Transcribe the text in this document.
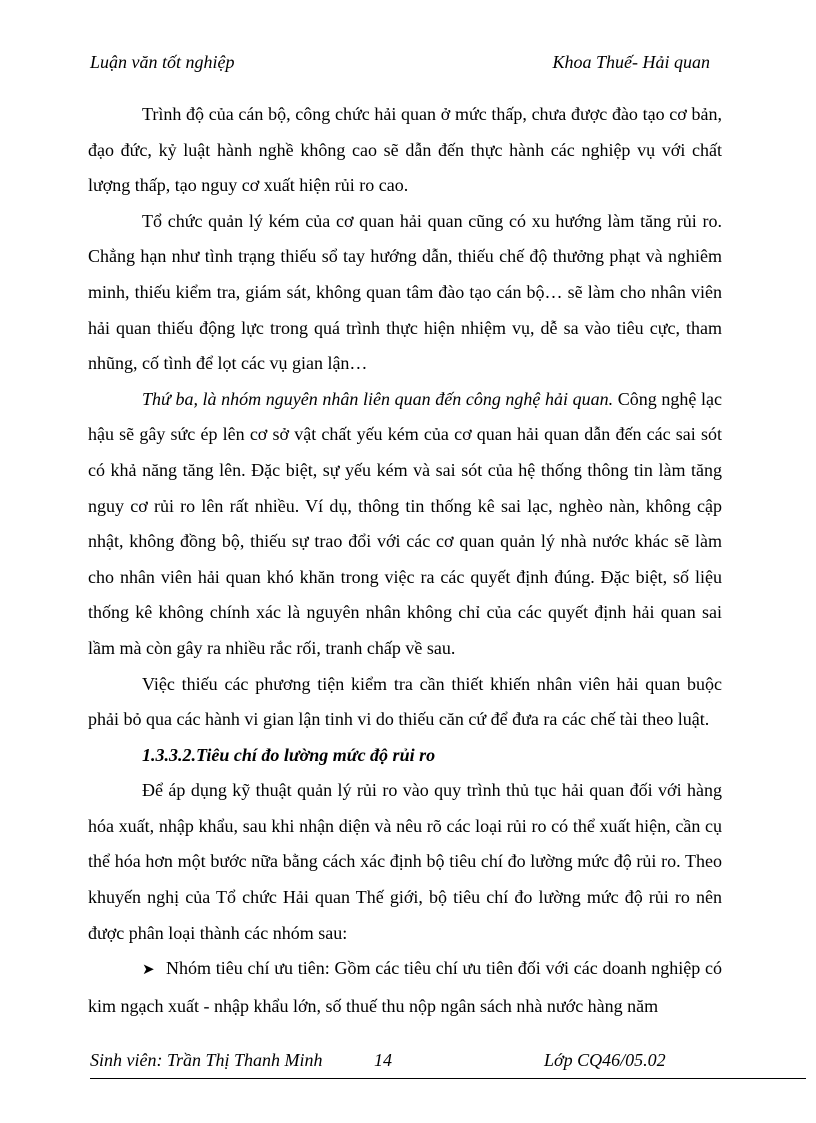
Luận văn tốt nghiệp	Khoa Thuế- Hải quan

Trình độ của cán bộ, công chức hải quan ở mức thấp, chưa được đào tạo cơ bản, đạo đức, kỷ luật hành nghề không cao sẽ dẫn đến thực hành các nghiệp vụ với chất lượng thấp, tạo nguy cơ xuất hiện rủi ro cao.

Tổ chức quản lý kém của cơ quan hải quan cũng có xu hướng làm tăng rủi ro. Chẳng hạn như tình trạng thiếu sổ tay hướng dẫn, thiếu chế độ thưởng phạt và nghiêm minh, thiếu kiểm tra, giám sát, không quan tâm đào tạo cán bộ… sẽ làm cho nhân viên hải quan thiếu động lực trong quá trình thực hiện nhiệm vụ, dễ sa vào tiêu cực, tham nhũng, cố tình để lọt các vụ gian lận…

Thứ ba, là nhóm nguyên nhân liên quan đến công nghệ hải quan. Công nghệ lạc hậu sẽ gây sức ép lên cơ sở vật chất yếu kém của cơ quan hải quan dẫn đến các sai sót có khả năng tăng lên. Đặc biệt, sự yếu kém và sai sót của hệ thống thông tin làm tăng nguy cơ rủi ro lên rất nhiều. Ví dụ, thông tin thống kê sai lạc, nghèo nàn, không cập nhật, không đồng bộ, thiếu sự trao đổi với các cơ quan quản lý nhà nước khác sẽ làm cho nhân viên hải quan khó khăn trong việc ra các quyết định đúng. Đặc biệt, số liệu thống kê không chính xác là nguyên nhân không chỉ của các quyết định hải quan sai lầm mà còn gây ra nhiều rắc rối, tranh chấp về sau.

Việc thiếu các phương tiện kiểm tra cần thiết khiến nhân viên hải quan buộc phải bỏ qua các hành vi gian lận tinh vi do thiếu căn cứ để đưa ra các chế tài theo luật.

1.3.3.2.Tiêu chí đo lường mức độ rủi ro

Để áp dụng kỹ thuật quản lý rủi ro vào quy trình thủ tục hải quan đối với hàng hóa xuất, nhập khẩu, sau khi nhận diện và nêu rõ các loại rủi ro có thể xuất hiện, cần cụ thể hóa hơn một bước nữa bằng cách xác định bộ tiêu chí đo lường mức độ rủi ro. Theo khuyến nghị của Tổ chức Hải quan Thế giới, bộ tiêu chí đo lường mức độ rủi ro nên được phân loại thành các nhóm sau:

➤ Nhóm tiêu chí ưu tiên: Gồm các tiêu chí ưu tiên đối với các doanh nghiệp có kim ngạch xuất - nhập khẩu lớn, số thuế thu nộp ngân sách nhà nước hàng năm

Sinh viên: Trần Thị Thanh Minh	14	Lớp CQ46/05.02
